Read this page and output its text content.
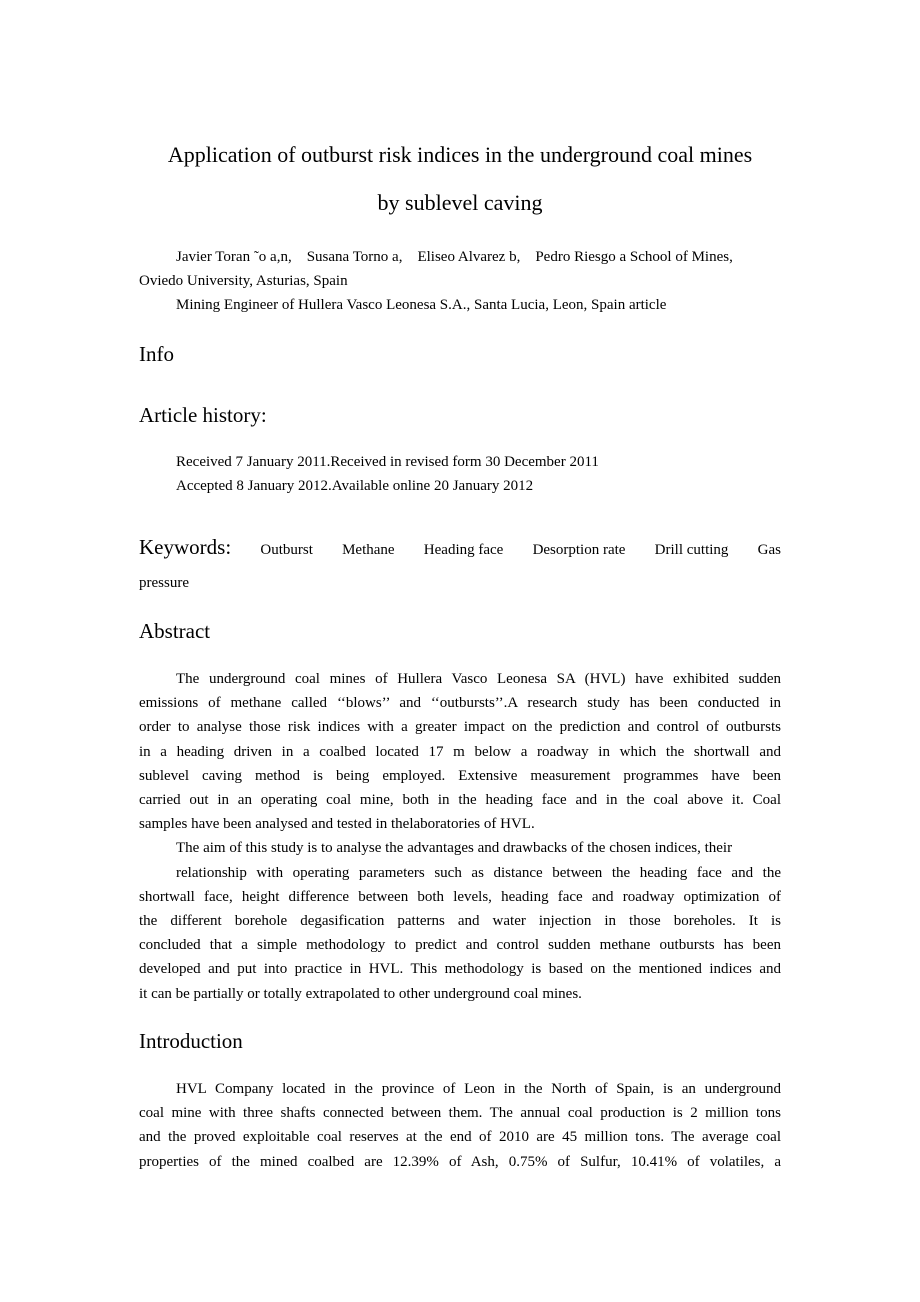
Application of outburst risk indices in the underground coal mines
by sublevel caving
Javier Toran ˜o a,n,    Susana Torno a,    Eliseo Alvarez b,    Pedro Riesgo a School of Mines,
Oviedo University, Asturias, Spain
Mining Engineer of Hullera Vasco Leonesa S.A., Santa Lucia, Leon, Spain article
Info
Article history:
Received 7 January 2011.Received in revised form 30 December 2011
Accepted 8 January 2012.Available online 20 January 2012
Keywords: Outburst Methane Heading face Desorption rate Drill cutting Gas
pressure
Abstract
The underground coal mines of Hullera Vasco Leonesa SA (HVL) have exhibited sudden
emissions of methane called ‘‘blows’’ and ‘‘outbursts’’.A research study has been conducted in
order to analyse those risk indices with a greater impact on the prediction and control of outbursts
in a heading driven in a coalbed located 17 m below a roadway in which the shortwall and
sublevel caving method is being employed. Extensive measurement programmes have been
carried out in an operating coal mine, both in the heading face and in the coal above it. Coal
samples have been analysed and tested in thelaboratories of HVL.
The aim of this study is to analyse the advantages and drawbacks of the chosen indices, their
relationship with operating parameters such as distance between the heading face and the
shortwall face, height difference between both levels, heading face and roadway optimization of
the different borehole degasification patterns and water injection in those boreholes. It is
concluded that a simple methodology to predict and control sudden methane outbursts has been
developed and put into practice in HVL. This methodology is based on the mentioned indices and
it can be partially or totally extrapolated to other underground coal mines.
Introduction
HVL Company located in the province of Leon in the North of Spain, is an underground
coal mine with three shafts connected between them. The annual coal production is 2 million tons
and the proved exploitable coal reserves at the end of 2010 are 45 million tons. The average coal
properties of the mined coalbed are 12.39% of Ash, 0.75% of Sulfur, 10.41% of volatiles, a
